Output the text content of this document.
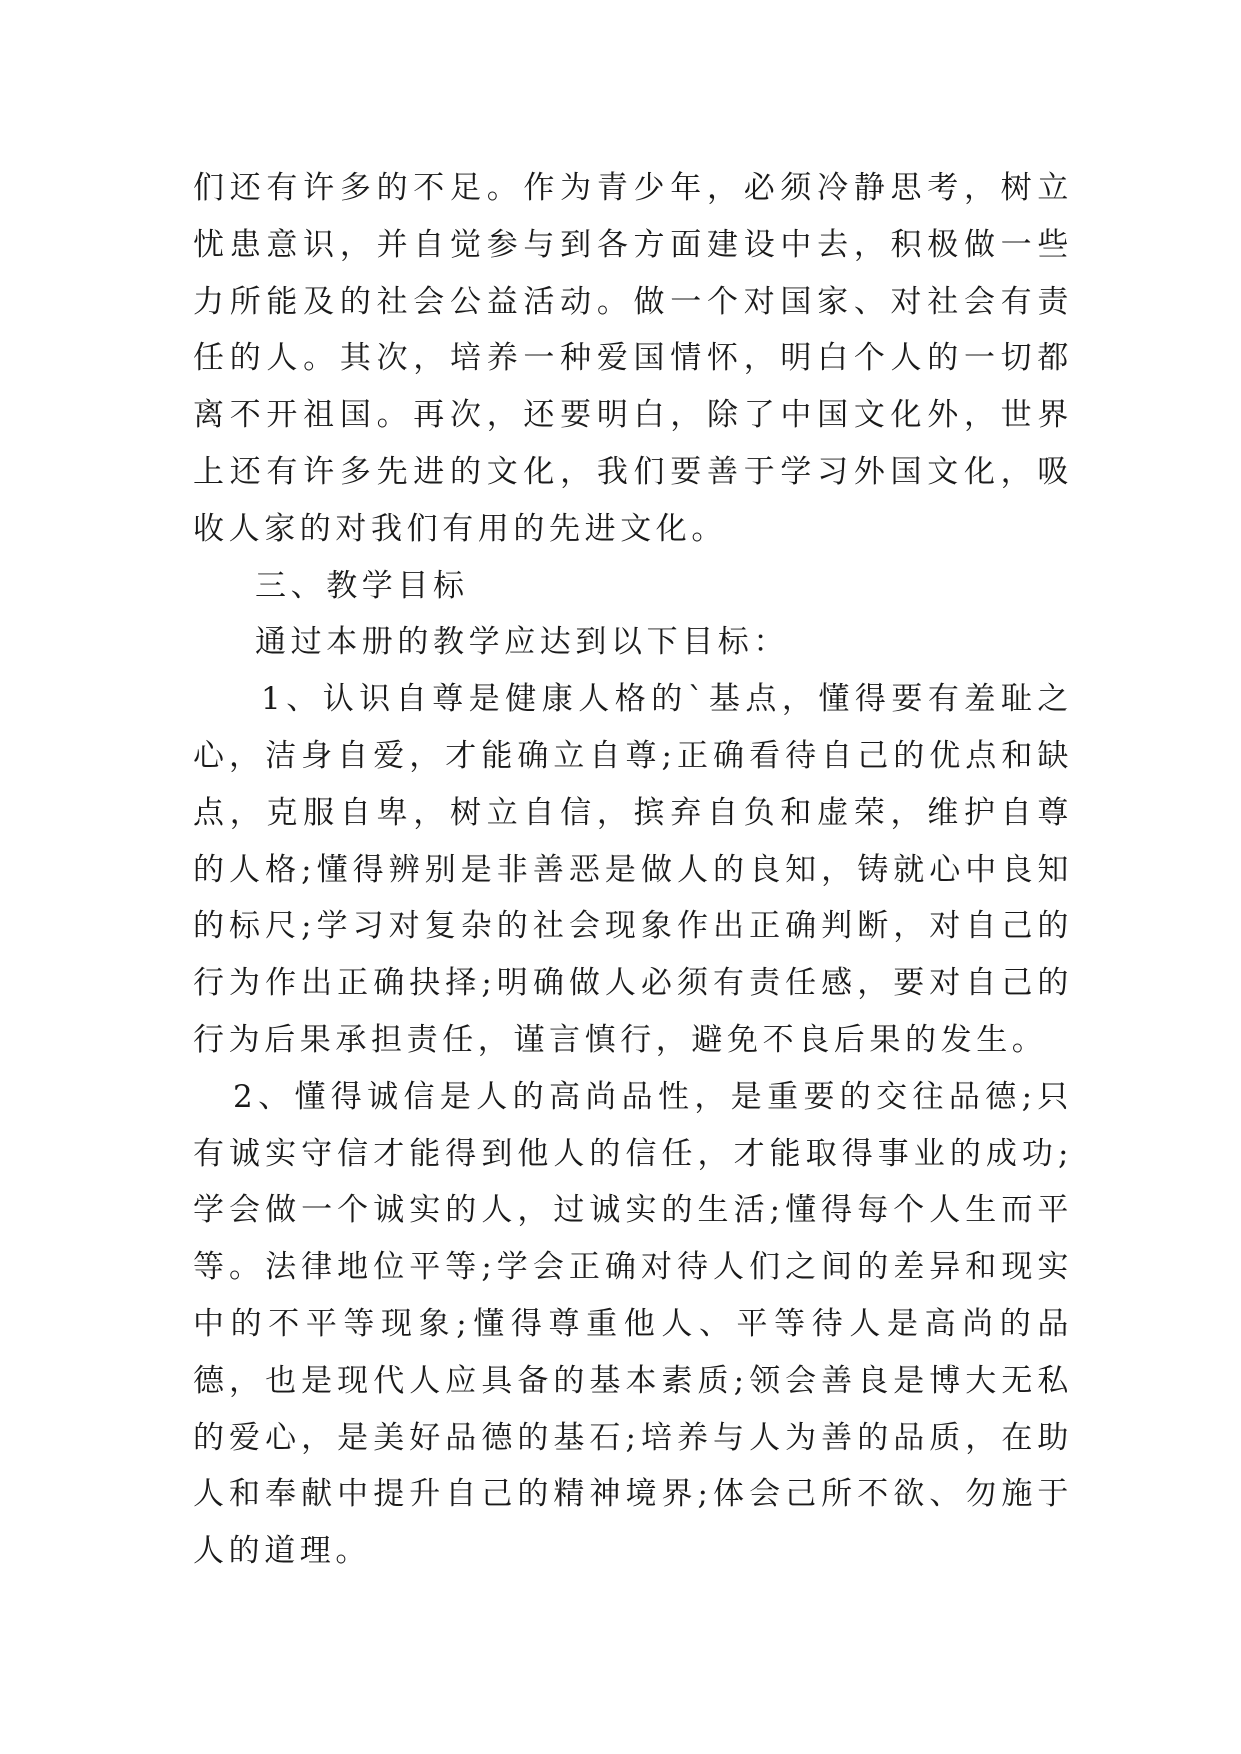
们还有许多的不足。作为青少年，必须冷静思考，树立忧患意识，并自觉参与到各方面建设中去，积极做一些力所能及的社会公益活动。做一个对国家、对社会有责任的人。其次，培养一种爱国情怀，明白个人的一切都离不开祖国。再次，还要明白，除了中国文化外，世界上还有许多先进的文化，我们要善于学习外国文化，吸收人家的对我们有用的先进文化。

三、教学目标

通过本册的教学应达到以下目标：

1、认识自尊是健康人格的`基点，懂得要有羞耻之心，洁身自爱，才能确立自尊;正确看待自己的优点和缺点，克服自卑，树立自信，摈弃自负和虚荣，维护自尊的人格;懂得辨别是非善恶是做人的良知，铸就心中良知的标尺;学习对复杂的社会现象作出正确判断，对自己的行为作出正确抉择;明确做人必须有责任感，要对自己的行为后果承担责任，谨言慎行，避免不良后果的发生。

2、懂得诚信是人的高尚品性，是重要的交往品德;只有诚实守信才能得到他人的信任，才能取得事业的成功;学会做一个诚实的人，过诚实的生活;懂得每个人生而平等。法律地位平等;学会正确对待人们之间的差异和现实中的不平等现象;懂得尊重他人、平等待人是高尚的品德，也是现代人应具备的基本素质;领会善良是博大无私的爱心，是美好品德的基石;培养与人为善的品质，在助人和奉献中提升自己的精神境界;体会己所不欲、勿施于人的道理。
